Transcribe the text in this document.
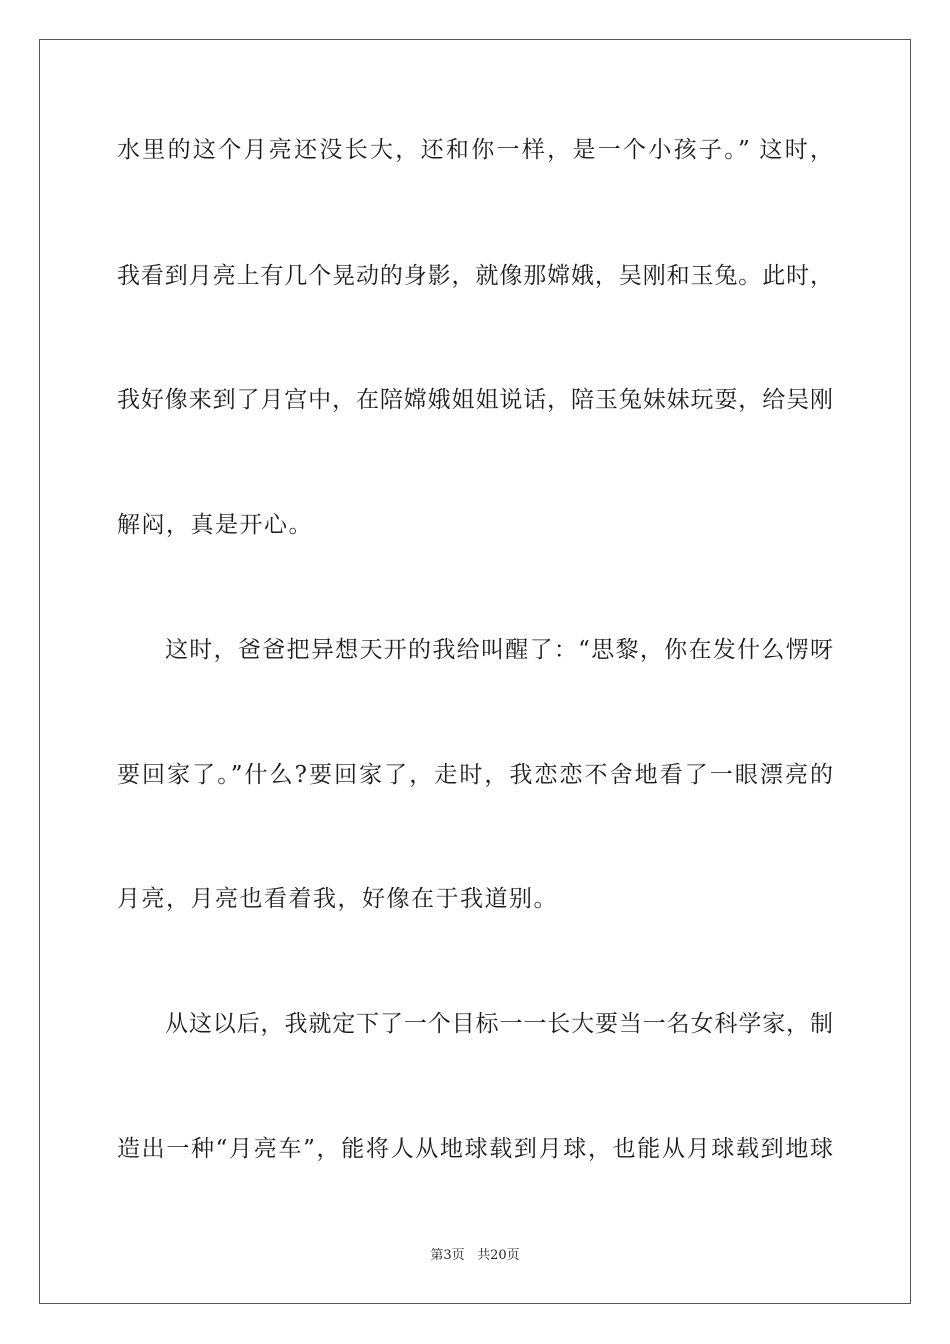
水里的这个月亮还没长大，还和你一样，是一个小孩子。” 这时，
我看到月亮上有几个晃动的身影，就像那嫦娥，吴刚和玉兔。此时，
我好像来到了月宫中，在陪嫦娥姐姐说话，陪玉兔妹妹玩耍，给吴刚
解闷，真是开心。
这时，爸爸把异想天开的我给叫醒了：“思黎，你在发什么愣呀
要回家了。”什么?要回家了，走时，我恋恋不舍地看了一眼漂亮的
月亮，月亮也看着我，好像在于我道别。
从这以后，我就定下了一个目标一一长大要当一名女科学家，制
造出一种“月亮车”，能将人从地球载到月球，也能从月球载到地球
第3页 共20页
